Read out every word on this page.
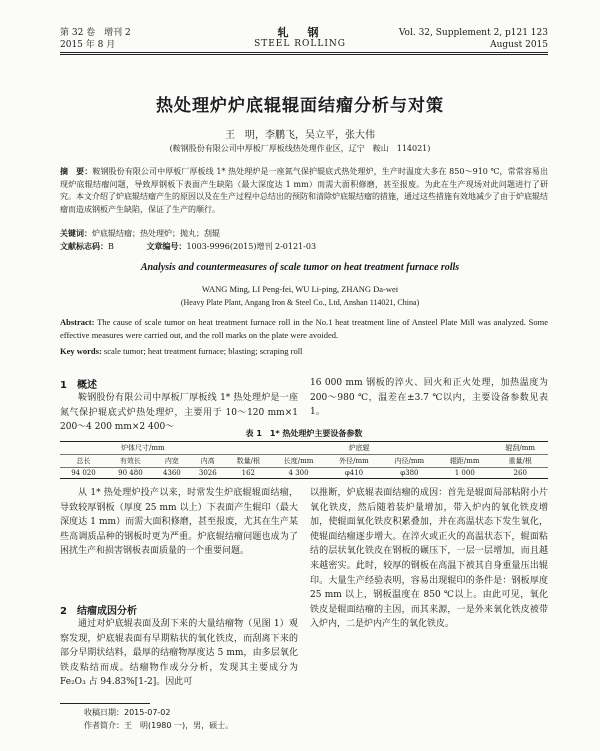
第 32 卷　增刊 2
2015 年 8 月
轧　钢
STEEL ROLLING
Vol. 32, Supplement 2, p121 123
August 2015
热处理炉炉底辊辊面结瘤分析与对策
王　明，李鹏飞，吴立平，张大伟
(鞍钢股份有限公司中厚板厂厚板线热处理作业区，辽宁　鞍山　114021)
摘　要：鞍钢股份有限公司中厚板厂厚板线 1* 热处理炉是一座氮气保护辊底式热处理炉，生产时温度大多在 850～910 ℃，常常容易出现炉底辊结瘤问题，导致厚钢板下表面产生缺陷（最大深度达 1 mm）而需大面积修磨，甚至报废。为此在生产现场对此问题进行了研究。本文介绍了炉底辊结瘤产生的原因以及在生产过程中总结出的预防和清除炉底辊结瘤的措施，通过这些措施有效地减少了由于炉底辊结瘤而造成钢板产生缺陷，保证了生产的顺行。
关键词：炉底辊结瘤；热处理炉；抛丸；刮辊
文献标志码：B	文章编号：1003-9996(2015)增刊 2-0121-03
Analysis and countermeasures of scale tumor on heat treatment furnace rolls
WANG Ming, LI Peng-fei, WU Li-ping, ZHANG Da-wei
(Heavy Plate Plant, Angang Iron & Steel Co., Ltd, Anshan 114021, China)
Abstract: The cause of scale tumor on heat treatment furnace roll in the No.1 heat treatment line of Ansteel Plate Mill was analyzed. Some effective measures were carried out, and the roll marks on the plate were avoided.
Key words: scale tumor; heat treatment furnace; blasting; scraping roll
1　概述
鞍钢股份有限公司中厚板厂厚板线 1* 热处理炉是一座氮气保护辊底式炉热处理炉，主要用于 10～120 mm×1 200～4 200 mm×2 400～
16 000 mm 钢板的淬火、回火和正火处理，加热温度为 200～980 ℃，温差在±3.7 ℃以内，主要设备参数见表 1。
表 1　1* 热处理炉主要设备参数
炉体尺寸/mm				炉底辊					辊刮/mm
总长	有效长	内宽	内高	数量/根	长度/mm	外径/mm	内径/mm	辊距/mm	重量/根
94 020	90 480	4360	3026	162	4 300	φ410	φ380	1 000	260
从 1* 热处理炉投产以来，时常发生炉底辊辊面结瘤，导致较厚钢板（厚度 25 mm 以上）下表面产生辊印（最大深度达 1 mm）而需大面积修磨，甚至报废，尤其在生产某些高调质品种的钢板时更为严重。炉底辊结瘤问题也成为了困扰生产和损害钢板表面质量的一个重要问题。
2　结瘤成因分析
通过对炉底辊表面及刮下来的大量结瘤物（见图 1）观察发现，炉底辊表面有早期粘状的氧化铁皮，而刮离下来的部分早期状结料，最厚的结瘤物厚度达 5 mm，由多层氧化铁皮粘结而成。结瘤物作成分分析，发现其主要成分为 Fe₂O₃ 占 94.83%[1-2]。因此可
以推断，炉底辊表面结瘤的成因：首先是辊面局部粘附小片氧化铁皮，然后随着装炉量增加，带入炉内的氧化铁皮增加，使辊面氧化铁皮积累叠加，并在高温状态下发生氧化，使辊面结瘤逐步增大。在淬火或正火的高温状态下，辊面粘结的层状氧化铁皮在钢板的碾压下，一层一层增加，而且越来越密实。此时，较厚的钢板在高温下被其自身重量压出辊印。大量生产经验表明，容易出现辊印的条件是：钢板厚度 25 mm 以上，钢板温度在 850 ℃以上。由此可见，氧化铁皮是辊面结瘤的主因，而其来源，一是外来氧化铁皮被带入炉内，二是炉内产生的氧化铁皮。
收稿日期：2015-07-02
作者简介：王　明(1980 一)，男，硕士。
